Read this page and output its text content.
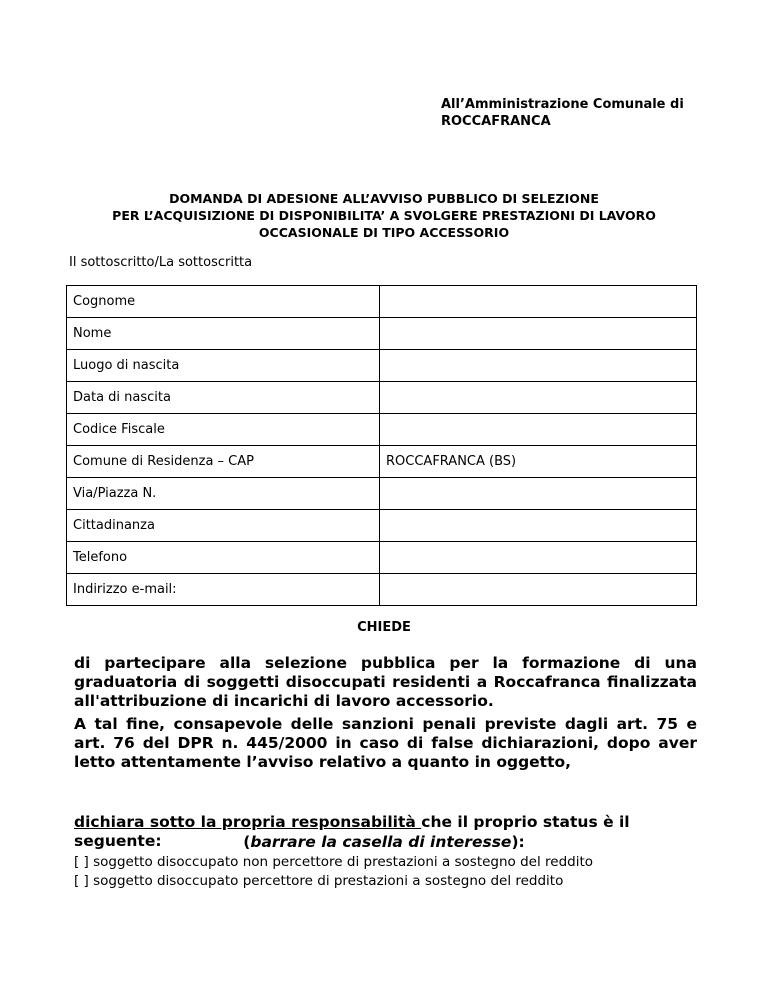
All’Amministrazione Comunale di
ROCCAFRANCA
DOMANDA DI ADESIONE ALL’AVVISO PUBBLICO DI SELEZIONE
PER L’ACQUISIZIONE DI DISPONIBILITA’ A SVOLGERE PRESTAZIONI DI LAVORO
OCCASIONALE DI TIPO ACCESSORIO
Il sottoscritto/La sottoscritta
Cognome	
Nome	
Luogo di nascita	
Data di nascita	
Codice Fiscale	
Comune di Residenza – CAP	ROCCAFRANCA (BS)
Via/Piazza N.	
Cittadinanza	
Telefono	
Indirizzo e-mail:	
CHIEDE
di partecipare alla selezione pubblica per la formazione di una graduatoria di soggetti disoccupati residenti a Roccafranca finalizzata all'attribuzione di incarichi di lavoro accessorio.
A tal fine, consapevole delle sanzioni penali previste dagli art. 75 e art. 76 del DPR n. 445/2000 in caso di false dichiarazioni, dopo aver letto attentamente l’avviso relativo a quanto in oggetto,
dichiara sotto la propria responsabilità che il proprio status è il seguente:	(barrare la casella di interesse):
[ ] soggetto disoccupato non percettore di prestazioni a sostegno del reddito
[ ] soggetto disoccupato percettore di prestazioni a sostegno del reddito
